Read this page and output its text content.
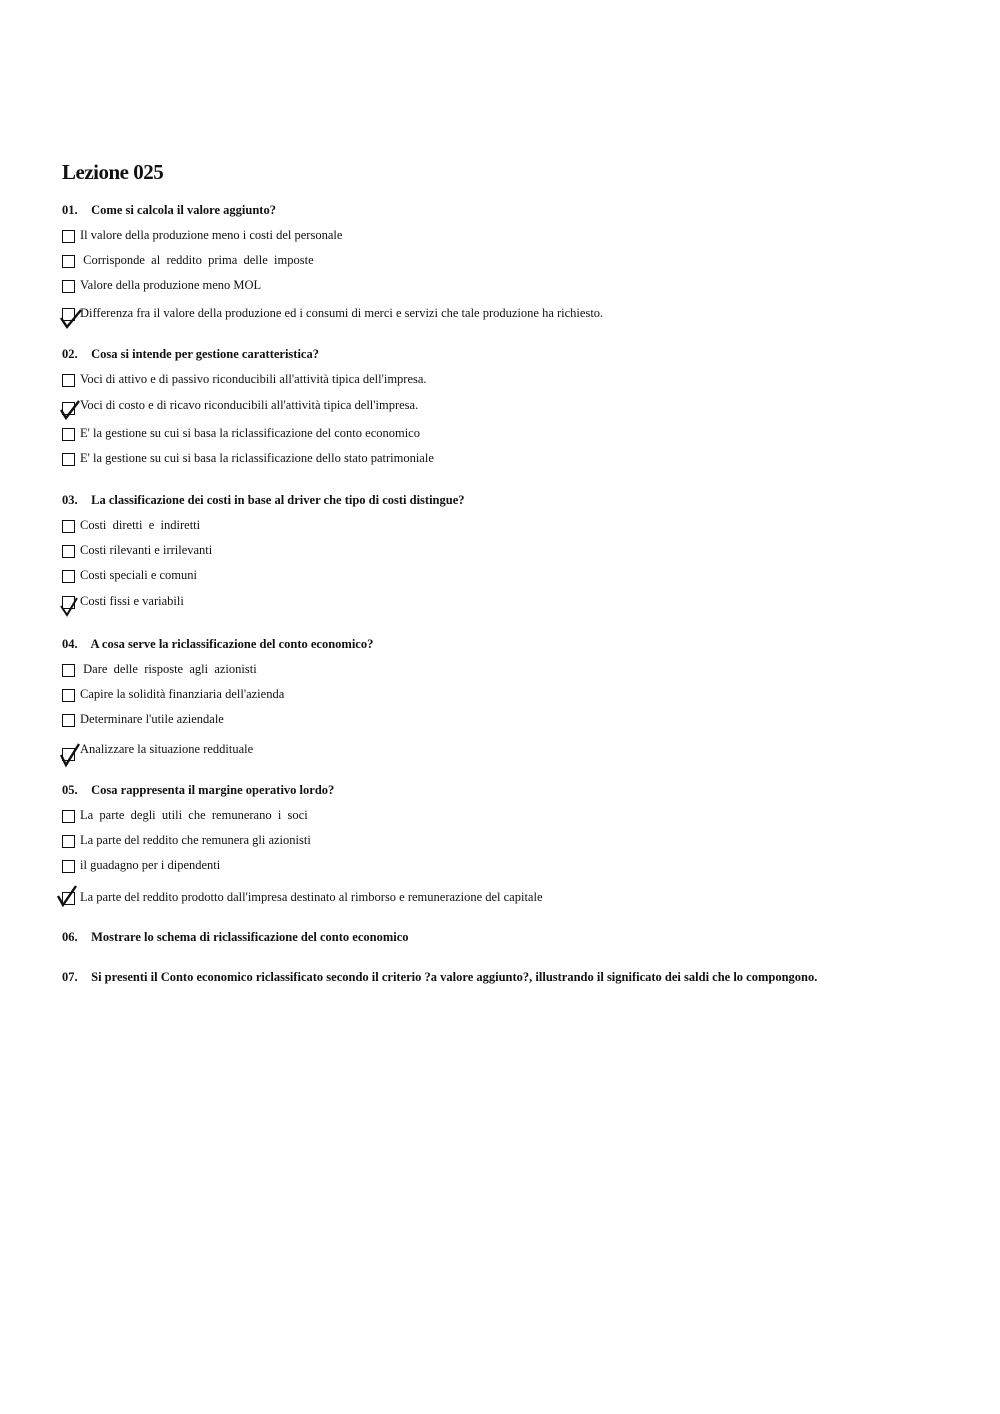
Lezione 025
01. Come si calcola il valore aggiunto?
Il valore della produzione meno i costi del personale
Corrisponde  al  reddito  prima  delle  imposte
Valore della produzione meno MOL
Differenza fra il valore della produzione ed i consumi di merci e servizi che tale produzione ha richiesto.
02. Cosa si intende per gestione caratteristica?
Voci di attivo e di passivo riconducibili all'attività tipica dell'impresa.
Voci di costo e di ricavo riconducibili all'attività tipica dell'impresa.
E' la gestione su cui si basa la riclassificazione del conto economico
E' la gestione su cui si basa la riclassificazione dello stato patrimoniale
03. La classificazione dei costi in base al driver che tipo di costi distingue?
Costi  diretti  e  indiretti
Costi rilevanti e irrilevanti
Costi speciali e comuni
Costi fissi e variabili
04. A cosa serve la riclassificazione del conto economico?
Dare  delle  risposte  agli  azionisti
Capire la solidità finanziaria dell'azienda
Determinare l'utile aziendale
Analizzare la situazione reddituale
05. Cosa rappresenta il margine operativo lordo?
La  parte  degli  utili  che  remunerano  i  soci
La parte del reddito che remunera gli azionisti
il guadagno per i dipendenti
La parte del reddito prodotto dall'impresa destinato al rimborso e remunerazione del capitale
06. Mostrare lo schema di riclassificazione del conto economico
07. Si presenti il Conto economico riclassificato secondo il criterio ?a valore aggiunto?, illustrando il significato dei saldi che lo compongono.
